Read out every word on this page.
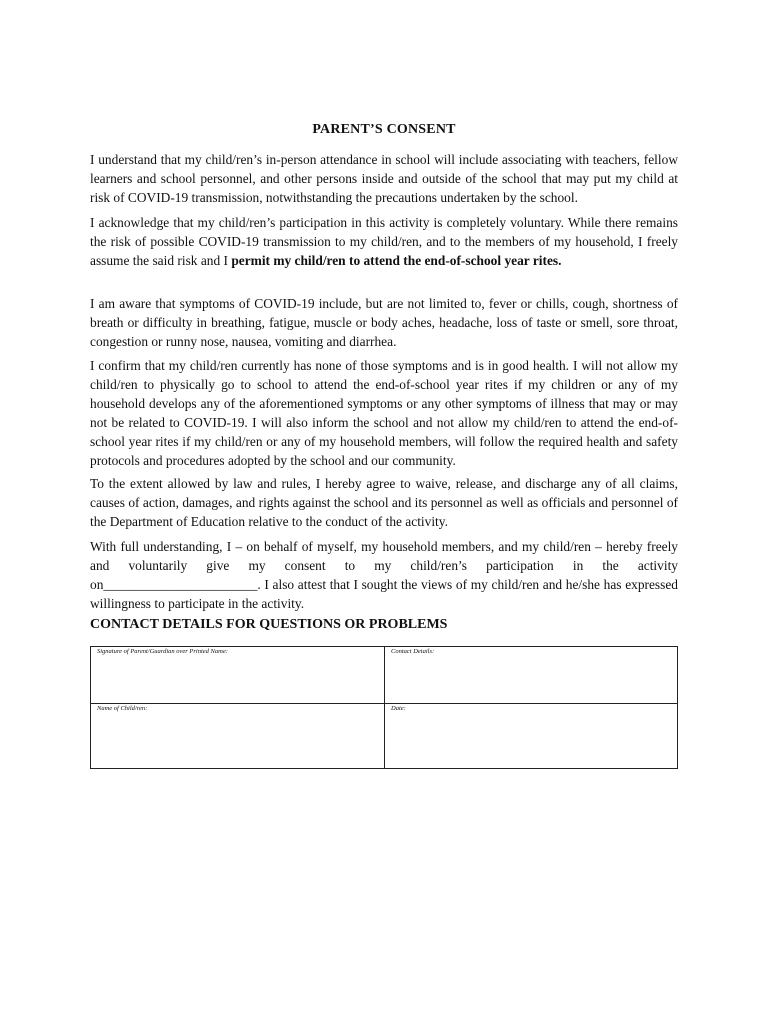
PARENT’S CONSENT

I understand that my child/ren’s in-person attendance in school will include associating with teachers, fellow learners and school personnel, and other persons inside and outside of the school that may put my child at risk of COVID-19 transmission, notwithstanding the precautions undertaken by the school.

I acknowledge that my child/ren’s participation in this activity is completely voluntary. While there remains the risk of possible COVID-19 transmission to my child/ren, and to the members of my household, I freely assume the said risk and I permit my child/ren to attend the end-of-school year rites.

I am aware that symptoms of COVID-19 include, but are not limited to, fever or chills, cough, shortness of breath or difficulty in breathing, fatigue, muscle or body aches, headache, loss of taste or smell, sore throat, congestion or runny nose, nausea, vomiting and diarrhea.

I confirm that my child/ren currently has none of those symptoms and is in good health. I will not allow my child/ren to physically go to school to attend the end-of-school year rites if my children or any of my household develops any of the aforementioned symptoms or any other symptoms of illness that may or may not be related to COVID-19. I will also inform the school and not allow my child/ren to attend the end-of-school year rites if my child/ren or any of my household members, will follow the required health and safety protocols and procedures adopted by the school and our community.

To the extent allowed by law and rules, I hereby agree to waive, release, and discharge any of all claims, causes of action, damages, and rights against the school and its personnel as well as officials and personnel of the Department of Education relative to the conduct of the activity.

With full understanding, I – on behalf of myself, my household members, and my child/ren – hereby freely and voluntarily give my consent to my child/ren’s participation in the activity on_______________________. I also attest that I sought the views of my child/ren and he/she has expressed willingness to participate in the activity.

CONTACT DETAILS FOR QUESTIONS OR PROBLEMS
Signature of Parent/Guardian over Printed Name:	Contact Details:
Name of Child/ren:	Date:
